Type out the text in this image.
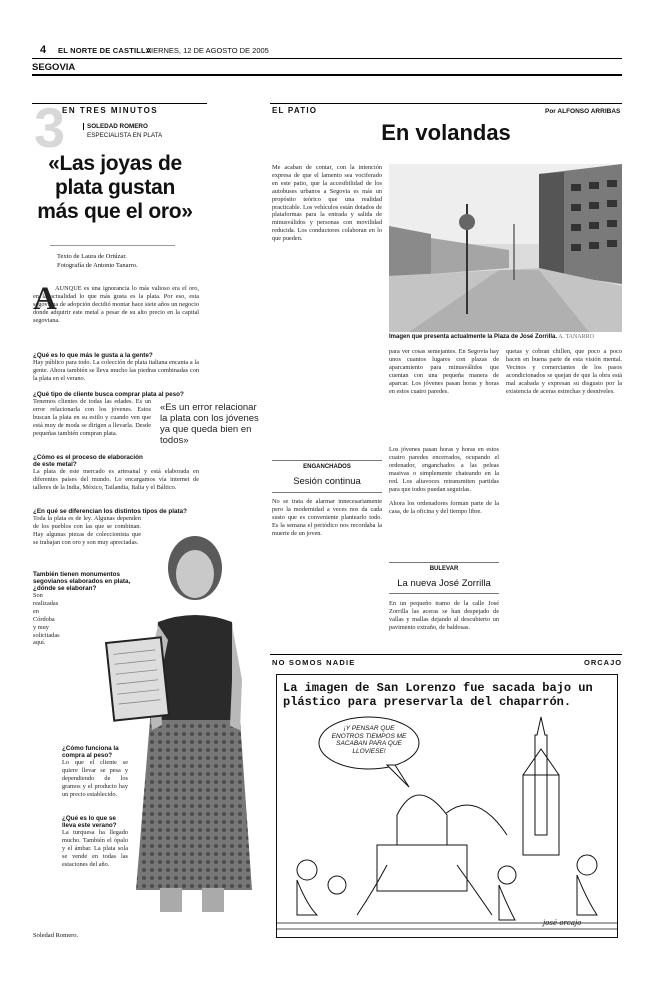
4 EL NORTE DE CASTILLA
VIERNES, 12 DE AGOSTO DE 2005
SEGOVIA
3
EN TRES MINUTOS
SOLEDAD ROMERO
ESPECIALISTA EN PLATA
«Las joyas de plata gustan más que el oro»
Texto de Laura de Ortúzar.
Fotografía de Antonio Tanarro.
A

AUNQUE es una ignorancia lo más valioso era el oro, en la actualidad lo que más gusta es la plata. Por eso, esta segoviana de adopción decidió montar hace siete años un negocio donde adquirir este metal a pesar de su alto precio en la capital segoviana.

¿Qué es lo que más le gusta a la gente?

Hay público para todo. La colección de plata italiana encanta a la gente. Ahora también se lleva mucho las piedras combinadas con la plata en el verano.

¿Qué tipo de cliente busca comprar plata al peso?

Tenemos clientes de todas las edades. Es un error relacionarla con los jóvenes. Estos buscan la plata en su estilo y cuando ven que está muy de moda se dirigen a llevarla. Desde pequeñas también compran plata.

¿Cómo es el proceso de elaboración de este metal?

La plata de este mercado es artesanal y está elaborada en diferentes países del mundo. Lo encargamos vía internet de talleres de la India, México, Tailandia, Italia y el Báltico.

¿En qué se diferencian los distintos tipos de plata?

Toda la plata es de ley. Algunas dependen de los pueblos con las que se combinan. Hay algunas piezas de coleccionista que se trabajan con oro y son muy apreciadas.

También tienen monumentos segovianos elaborados en plata, ¿dónde se elaboran?

Son realizadas en Córdoba y muy solicitadas aquí.

¿Cómo funciona la compra al peso?

Lo que el cliente se quiere llevar se pesa y dependiendo de los gramos y el producto hay un precio establecido.

¿Qué es lo que se lleva este verano?

La turquesa ha llegado mucho. También el ópalo y el ámbar. La plata sola se vende en todas las estaciones del año.

«Es un error relacionar la plata con los jóvenes ya que queda bien en todos»
Soledad Romero.
EL PATIO	Por ALFONSO ARRIBAS
En volandas
Me acaban de contar, con la intención expresa de que el lamento sea vociferado en este patio, que la accesibilidad de los autobuses urbanos a Segovia es más un propósito teórico que una realidad practicable. Los vehículos están dotados de plataformas para la entrada y salida de minusválidos y personas con movilidad reducida. Los conductores colaboran en lo que pueden.
Imagen que presenta actualmente la Plaza de José Zorrilla. A. TANARRO
para ver cosas semejantes. En Segovia hay unos cuantos lugares con plazas de aparcamiento para minusválidos que cuentan con una pequeña manera de aparcar. Los jóvenes pasan horas y horas en estos cuatro paredes.
Los jóvenes pasan horas y horas en estos cuatro paredes encerrados, ocupando el ordenador, enganchados a las peleas masivas o simplemente chateando en la red. Los altavoces retransmiten partidas para que todos puedan seguirlas.
quetas y cobran chillen, que poco a poco hacen en buena parte de esta visión mental. Vecinos y comerciantes de los pasos acondicionados se quejan de que la obra está mal acabada y expresan su disgusto por la existencia de aceras estrechas y desniveles.
ENGANCHADOS
Sesión continua
No se trata de alarmar innecesariamente pero la modernidad a veces nos da cada susto que es conveniente plantearlo todo. Es la semana el periódico nos recordaba la muerte de un joven.
Ahora los ordenadores forman parte de la casa, de la oficina y del tiempo libre.
BULEVAR
La nueva José Zorrilla
En un pequeño tramo de la calle José Zorrilla las aceras se han despejado de vallas y mallas dejando al descubierto un pavimento extraño, de baldosas.
NO SOMOS NADIE	ORCAJO
La imagen de San Lorenzo fue sacada bajo un plástico para preservarla del chaparrón.
¡Y PENSAR QUE ENOTROS TIEMPOS ME SACABAN PARA QUE LLOVIESE!
josé orcajo
